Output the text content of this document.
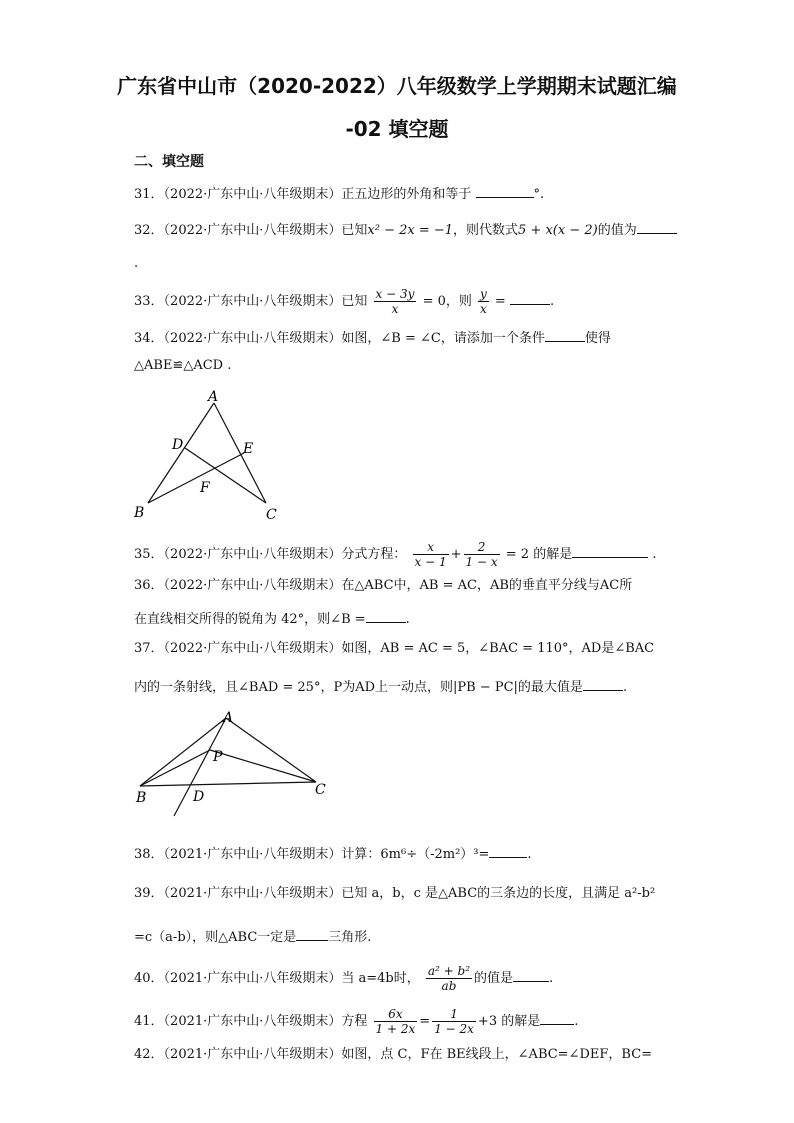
广东省中山市（2020-2022）八年级数学上学期期末试题汇编
-02 填空题
二、填空题
31．（2022·广东中山·八年级期末）正五边形的外角和等于	°.
32．（2022·广东中山·八年级期末）已知x² − 2x = −1，则代数式5 + x(x − 2)的值为
.
33．（2022·广东中山·八年级期末）已知 $\frac{x - 3y}{x} = 0$，则 $\frac{y}{x}$ =	.
34．（2022·广东中山·八年级期末）如图，∠B = ∠C，请添加一个条件	使得
△ABE≌△ACD .
A
B	C
D	E
F
35．（2022·广东中山·八年级期末）分式方程： $\frac{x}{x - 1} + \frac{2}{1 - x} = 2$ 的解是	.
36．（2022·广东中山·八年级期末）在△ABC中，AB = AC，AB的垂直平分线与AC所
在直线相交所得的锐角为 42°，则∠B =	.
37．（2022·广东中山·八年级期末）如图，AB = AC = 5，∠BAC = 110°，AD是∠BAC
内的一条射线，且∠BAD = 25°，P为AD上一动点，则|PB − PC|的最大值是	.
A
B	C
D
P
38．（2021·广东中山·八年级期末）计算：6m⁶÷（-2m²）³=	.
39．（2021·广东中山·八年级期末）已知 a，b，c 是△ABC的三条边的长度，且满足 a²-b²
=c（a-b），则△ABC一定是 三角形.
40．（2021·广东中山·八年级期末）当 a=4b时， $\frac{\text{a² + b²}}{ab}$ 的值是	.
41．（2021·广东中山·八年级期末）方程 $\frac{6x}{1 + 2x} = \frac{1}{1 - 2x} +3$ 的解是	.
42．（2021·广东中山·八年级期末）如图，点 C，F在 BE线段上，∠ABC=∠DEF，BC=
